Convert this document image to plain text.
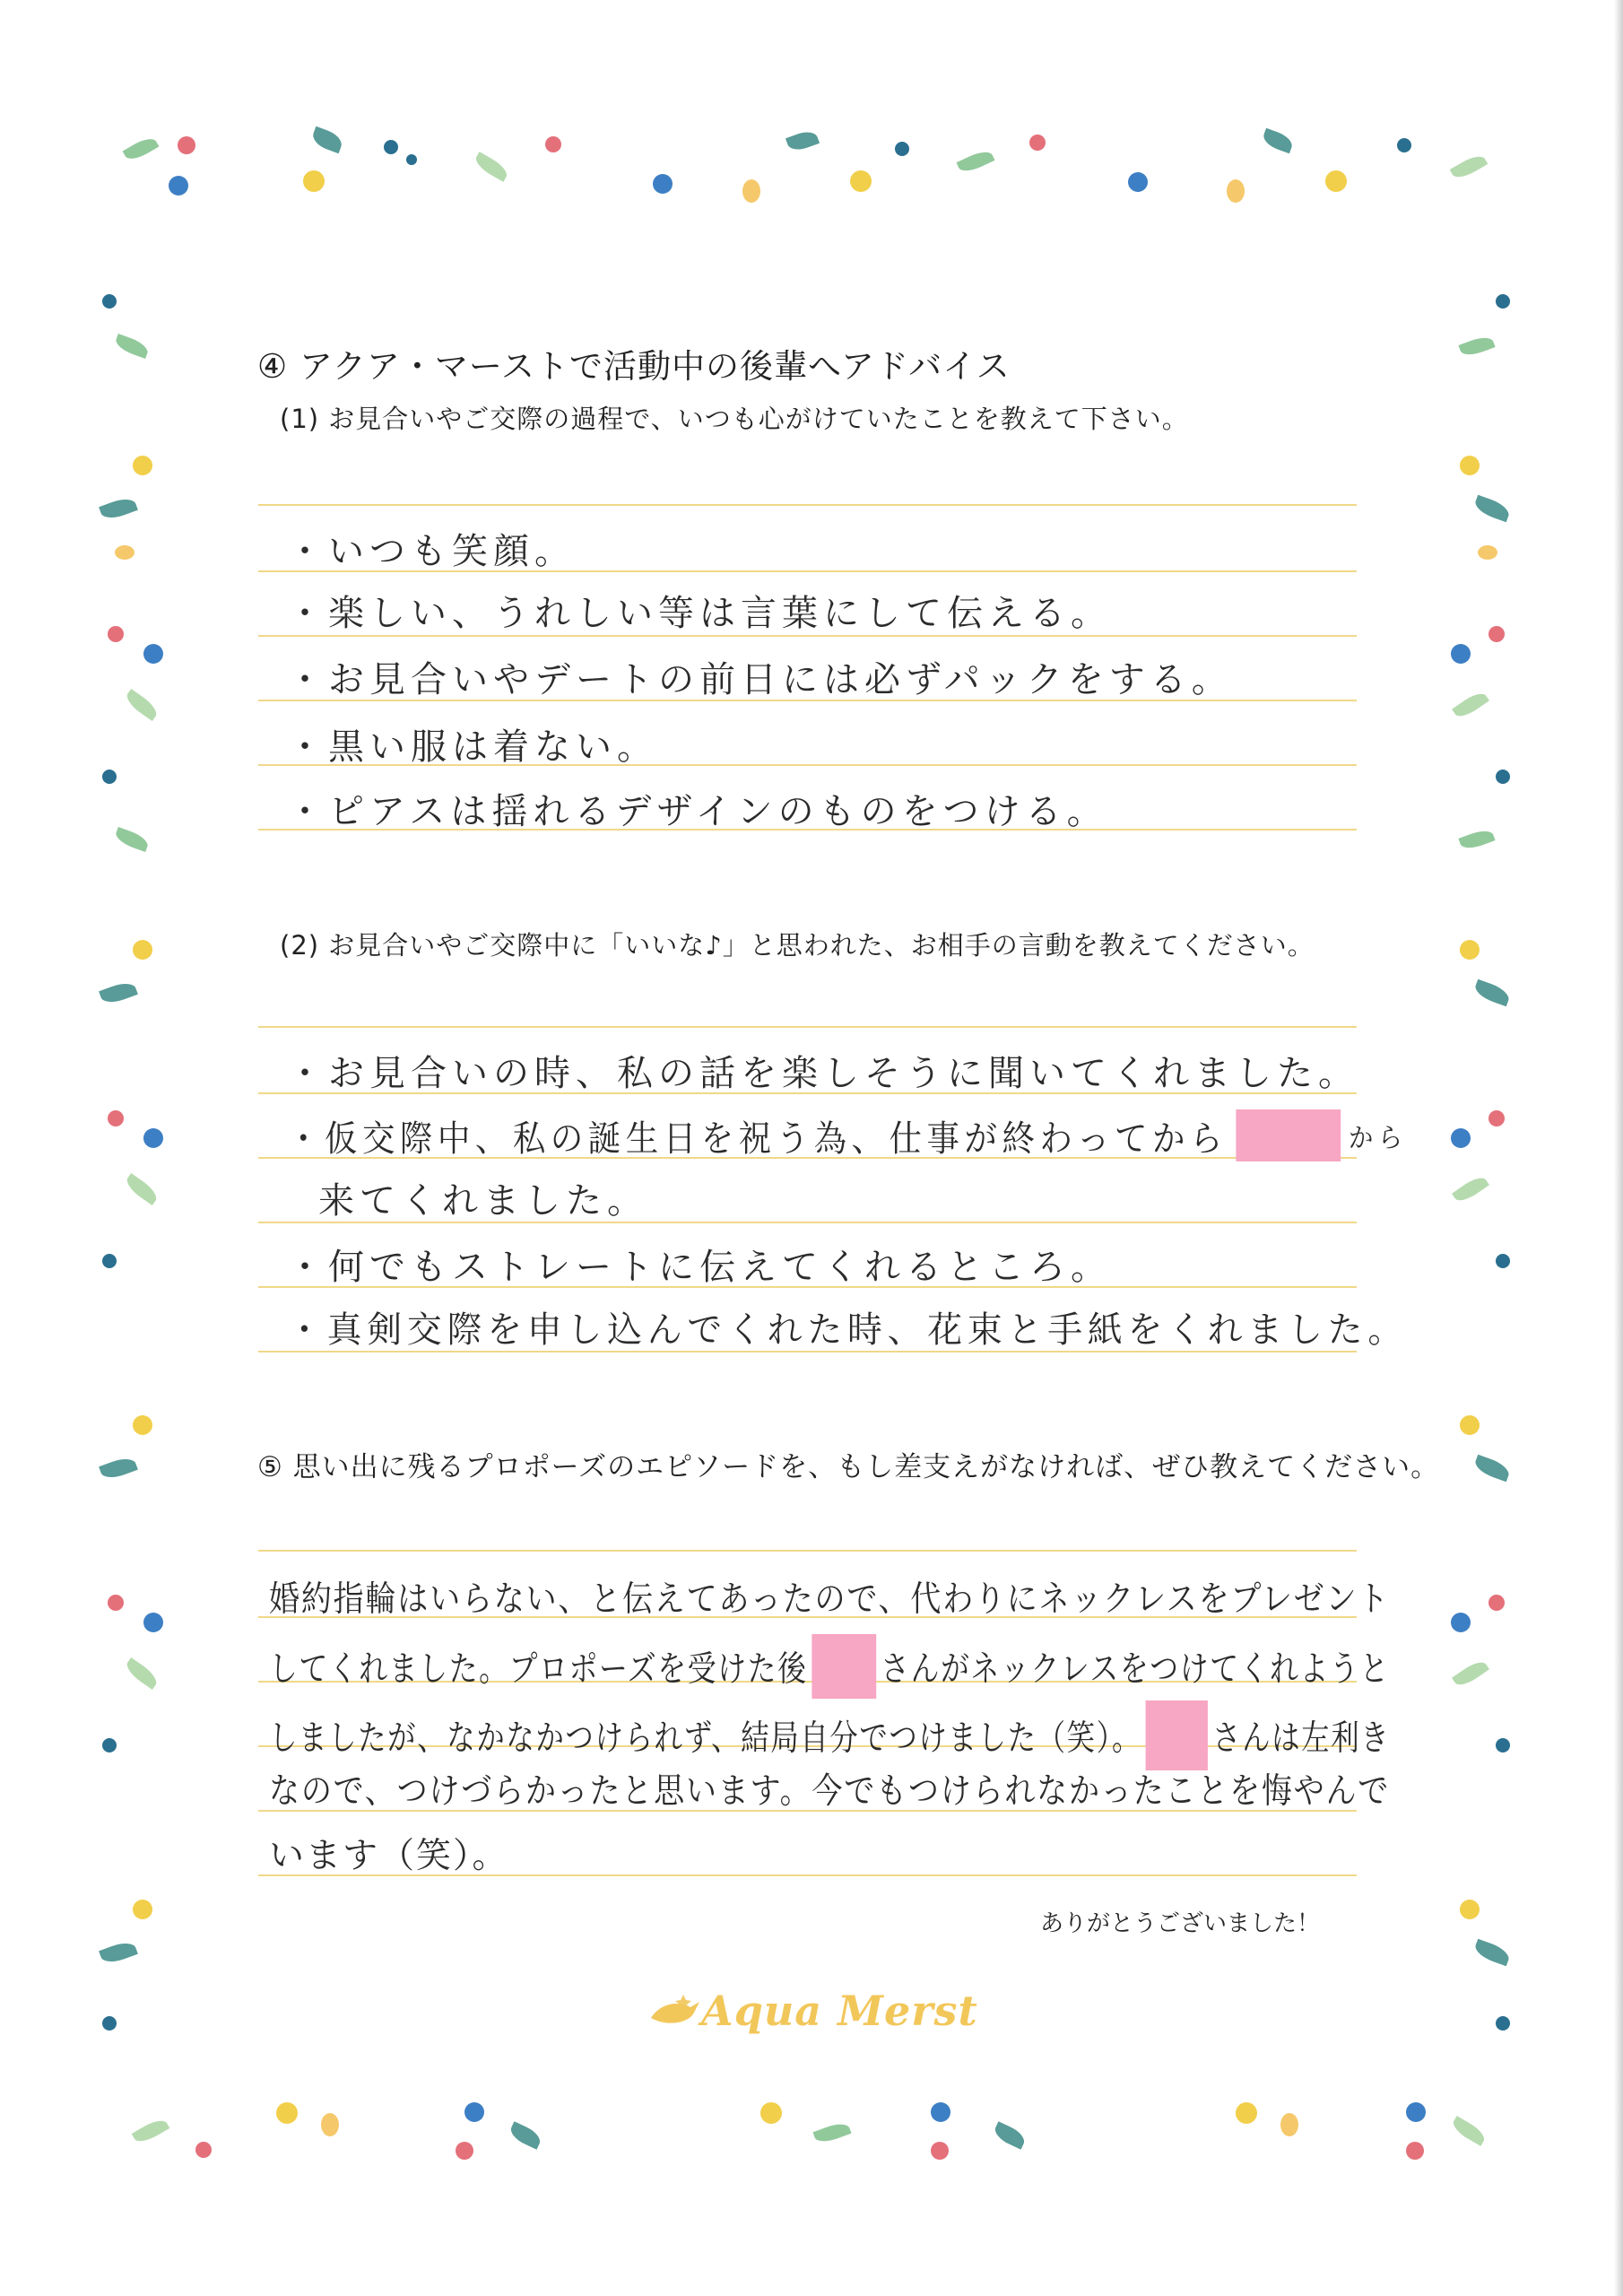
④ アクア・マーストで活動中の後輩へアドバイス
(1) お見合いやご交際の過程で、いつも心がけていたことを教えて下さい。
・いつも笑顔。
・楽しい、うれしい等は言葉にして伝える。
・お見合いやデートの前日には必ずパックをする。
・黒い服は着ない。
・ピアスは揺れるデザインのものをつける。
(2) お見合いやご交際中に「いいな♪」と思われた、お相手の言動を教えてください。
・お見合いの時、私の話を楽しそうに聞いてくれました。
・仮交際中、私の誕生日を祝う為、仕事が終わってから	から
来てくれました。
・何でもストレートに伝えてくれるところ。
・真剣交際を申し込んでくれた時、花束と手紙をくれました。
⑤ 思い出に残るプロポーズのエピソードを、もし差支えがなければ、ぜひ教えてください。
婚約指輪はいらない、と伝えてあったので、代わりにネックレスをプレゼント
してくれました。プロポーズを受けた後 さんがネックレスをつけてくれようと
しましたが、なかなかつけられず、結局自分でつけました（笑）。 さんは左利き
なので、つけづらかったと思います。今でもつけられなかったことを悔やんで
います（笑）。
ありがとうございました！
Aqua Merst
